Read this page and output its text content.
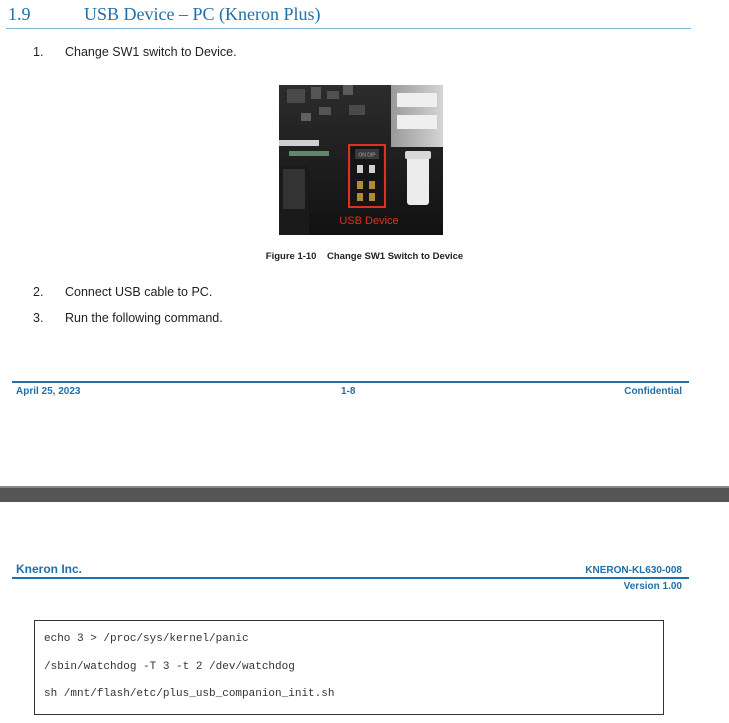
1.9	USB Device – PC (Kneron Plus)
1. Change SW1 switch to Device.
ON DIP
USB Device
Figure 1-10    Change SW1 Switch to Device
2. Connect USB cable to PC.
3. Run the following command.
April 25, 2023	1-8	Confidential
Kneron Inc.	KNERON-KL630-008
Version 1.00
echo 3 > /proc/sys/kernel/panic
/sbin/watchdog -T 3 -t 2 /dev/watchdog
sh /mnt/flash/etc/plus_usb_companion_init.sh
